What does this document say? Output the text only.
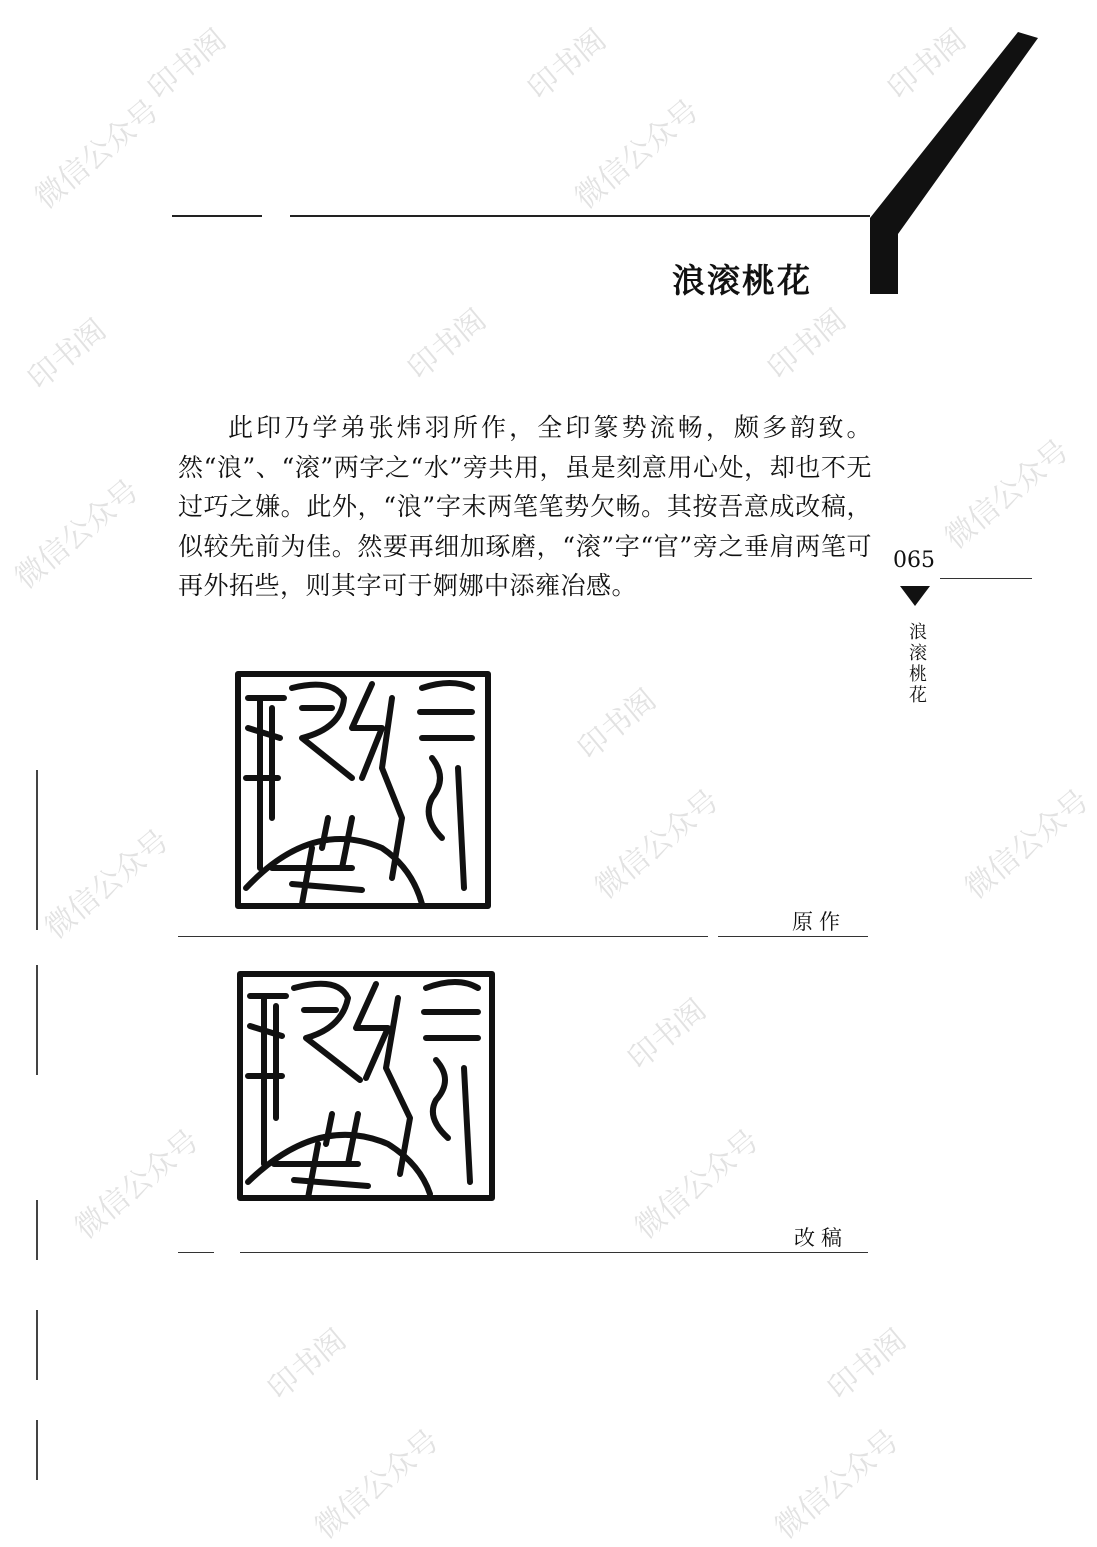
印书阁	印书阁	印书阁
微信公众号	微信公众号
印书阁	印书阁	印书阁
微信公众号	微信公众号
印书阁
微信公众号	微信公众号	微信公众号
印书阁
微信公众号	微信公众号
印书阁	印书阁
微信公众号	微信公众号
浪滚桃花

此印乃学弟张炜羽所作，全印篆势流畅，颇多韵致。然“浪”、“滚”两字之“水”旁共用，虽是刻意用心处，却也不无过巧之嫌。此外，“浪”字末两笔笔势欠畅。其按吾意成改稿，似较先前为佳。然要再细加琢磨，“滚”字“官”旁之垂肩两笔可再外拓些，则其字可于婀娜中添雍冶感。

065
浪
滚
桃
花
原作
改稿
